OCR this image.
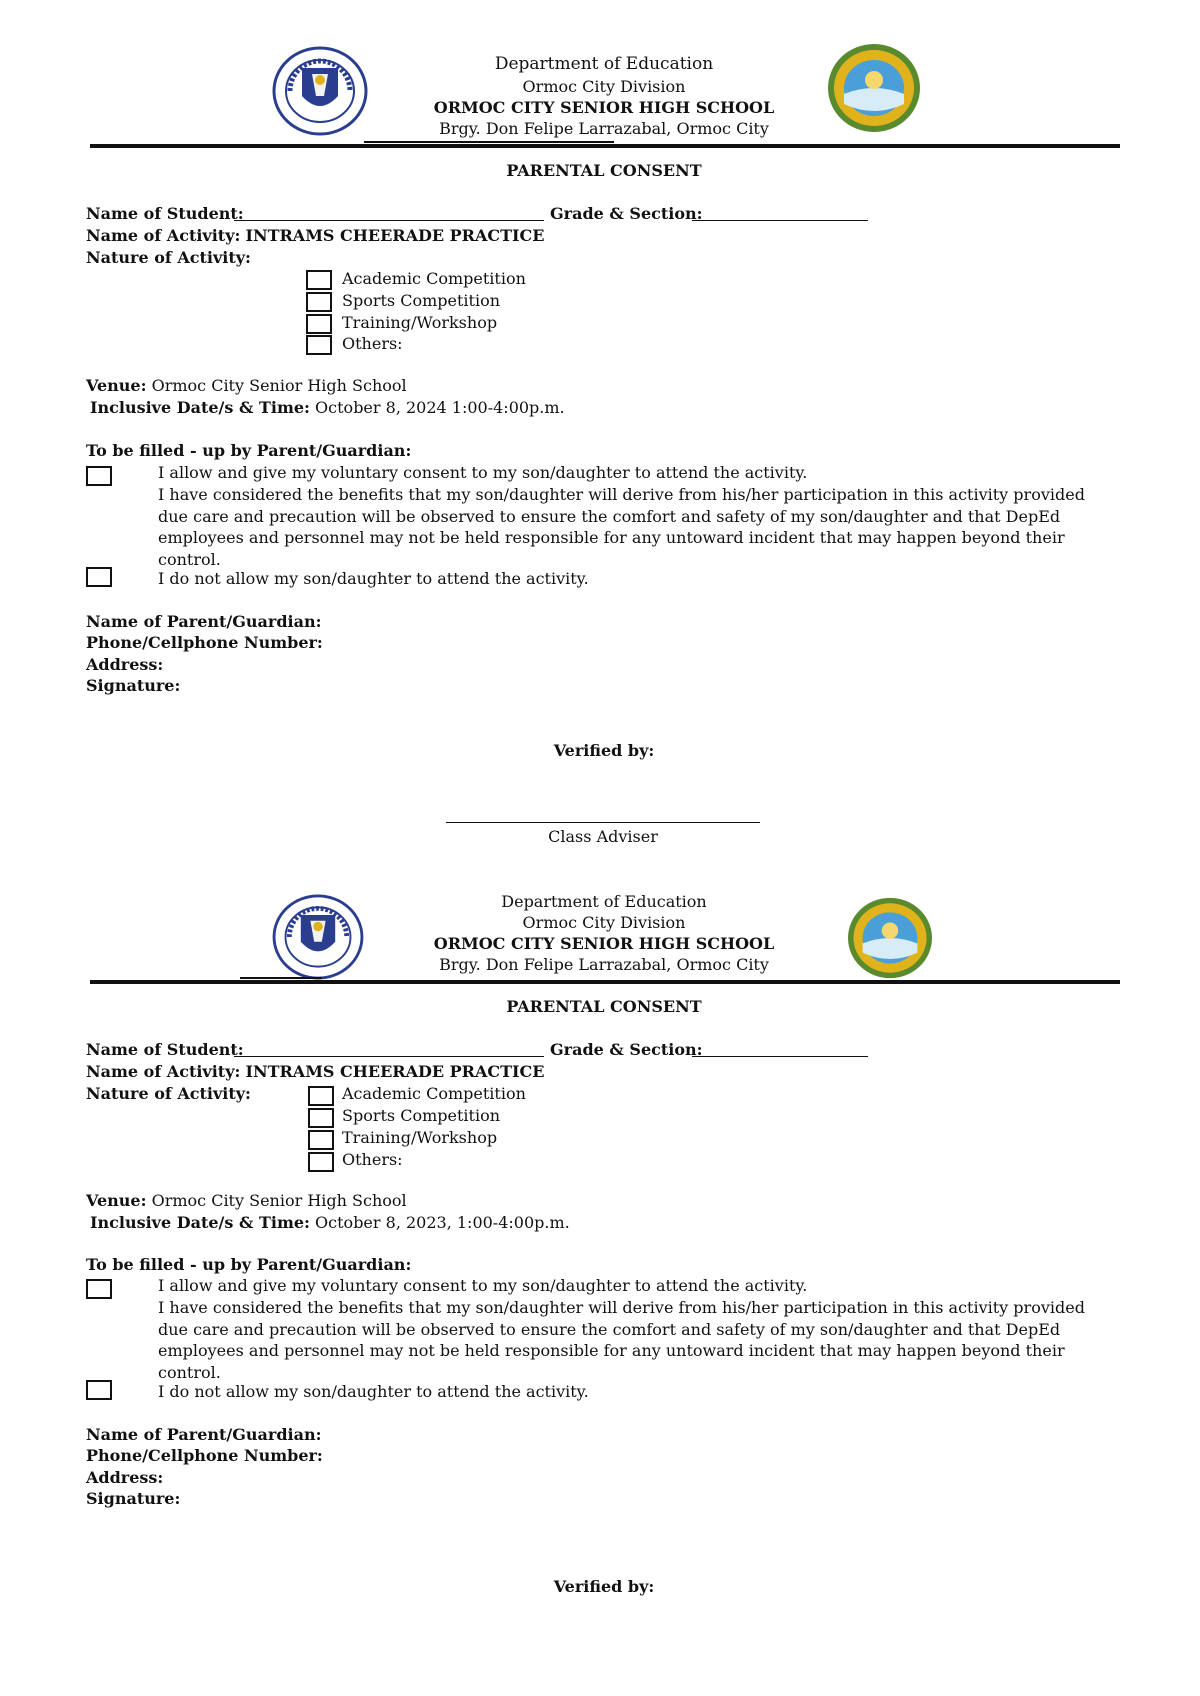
Department of Education
Ormoc City Division
ORMOC CITY SENIOR HIGH SCHOOL
Brgy. Don Felipe Larrazabal, Ormoc City
PARENTAL CONSENT
Name of Student:	Grade & Section:
Name of Activity: INTRAMS CHEERADE PRACTICE
Nature of Activity:
Academic Competition
Sports Competition
Training/Workshop
Others:
Venue: Ormoc City Senior High School
Inclusive Date/s & Time: October 8, 2024 1:00-4:00p.m.
To be filled - up by Parent/Guardian:
I allow and give my voluntary consent to my son/daughter to attend the activity.
I have considered the benefits that my son/daughter will derive from his/her participation in this activity provided due care and precaution will be observed to ensure the comfort and safety of my son/daughter and that DepEd employees and personnel may not be held responsible for any untoward incident that may happen beyond their control.
I do not allow my son/daughter to attend the activity.
Name of Parent/Guardian:
Phone/Cellphone Number:
Address:
Signature:
Verified by:
Class Adviser
Department of Education
Ormoc City Division
ORMOC CITY SENIOR HIGH SCHOOL
Brgy. Don Felipe Larrazabal, Ormoc City
PARENTAL CONSENT
Name of Student:	Grade & Section:
Name of Activity: INTRAMS CHEERADE PRACTICE
Nature of Activity:	Academic Competition
Sports Competition
Training/Workshop
Others:
Venue: Ormoc City Senior High School
Inclusive Date/s & Time: October 8, 2023, 1:00-4:00p.m.
To be filled - up by Parent/Guardian:
I allow and give my voluntary consent to my son/daughter to attend the activity.
I have considered the benefits that my son/daughter will derive from his/her participation in this activity provided due care and precaution will be observed to ensure the comfort and safety of my son/daughter and that DepEd employees and personnel may not be held responsible for any untoward incident that may happen beyond their control.
I do not allow my son/daughter to attend the activity.
Name of Parent/Guardian:
Phone/Cellphone Number:
Address:
Signature:
Verified by:
